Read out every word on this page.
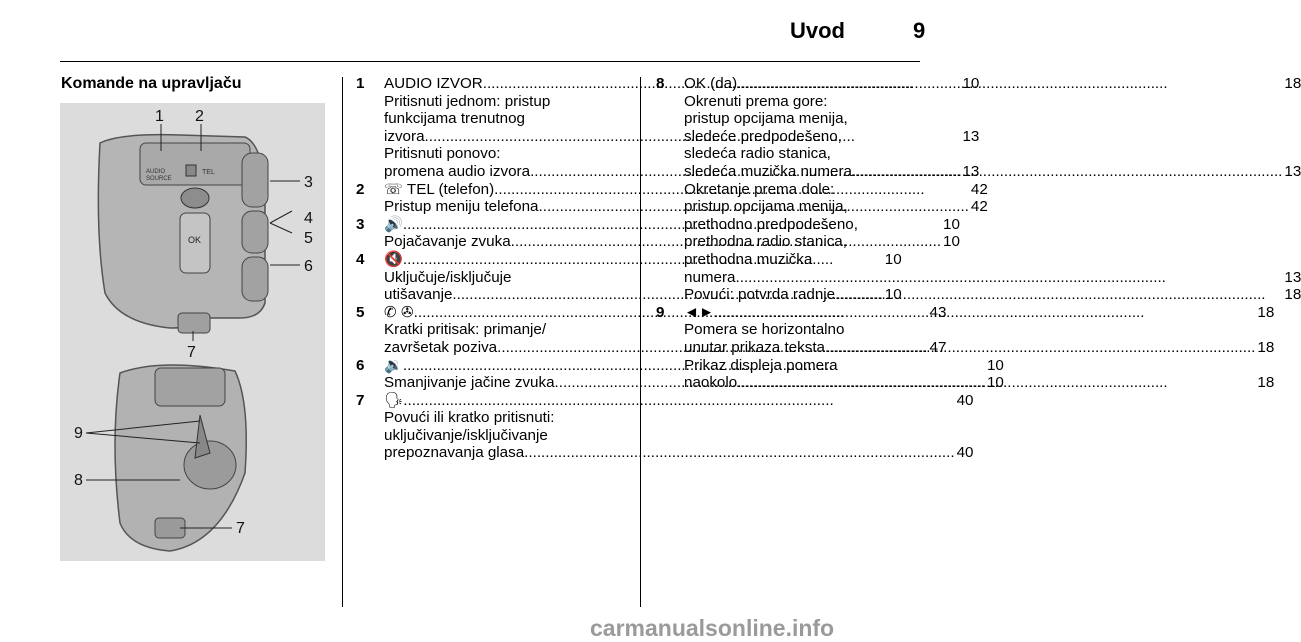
Uvod	9
Komande na upravljaču
AUDIO
SOURCE
TEL
OK
1 2
3
4
5
6
7
9
8
7
1	AUDIO IZVOR .....	10
Pritisnuti jednom: pristup
funkcijama trenutnog
izvora .....	13
Pritisnuti ponovo:
promena audio izvora .....	13
2	☏ TEL (telefon) .....	42
Pristup meniju telefona .....	42
3	🔊 .....	10
Pojačavanje zvuka .....	10
4	🔇 .....	10
Uključuje/isključuje
utišavanje .....	10
5	✆ ✇ .....	43
Kratki pritisak: primanje/
završetak poziva .....	47
6	🔉 .....	10
Smanjivanje jačine zvuka .....	10
7	🗣 .....	40
Povući ili kratko pritisnuti:
uključivanje/isključivanje
prepoznavanja glasa .....	40
8	OK (da) .....	18
Okrenuti prema gore:
pristup opcijama menija,
sledeće predpodešeno,
sledeća radio stanica,
sledeća muzička numera .....	13
Okretanje prema dole:
pristup opcijama menija,
prethodno predpodešeno,
prethodna radio stanica,
prethodna muzička
numera .....	13
Povući: potvrda radnje .....	18
9	◄► .....	18
Pomera se horizontalno
unutar prikaza teksta .....	18
Prikaz displeja pomera
naokolo .....	18
carmanualsonline.info
